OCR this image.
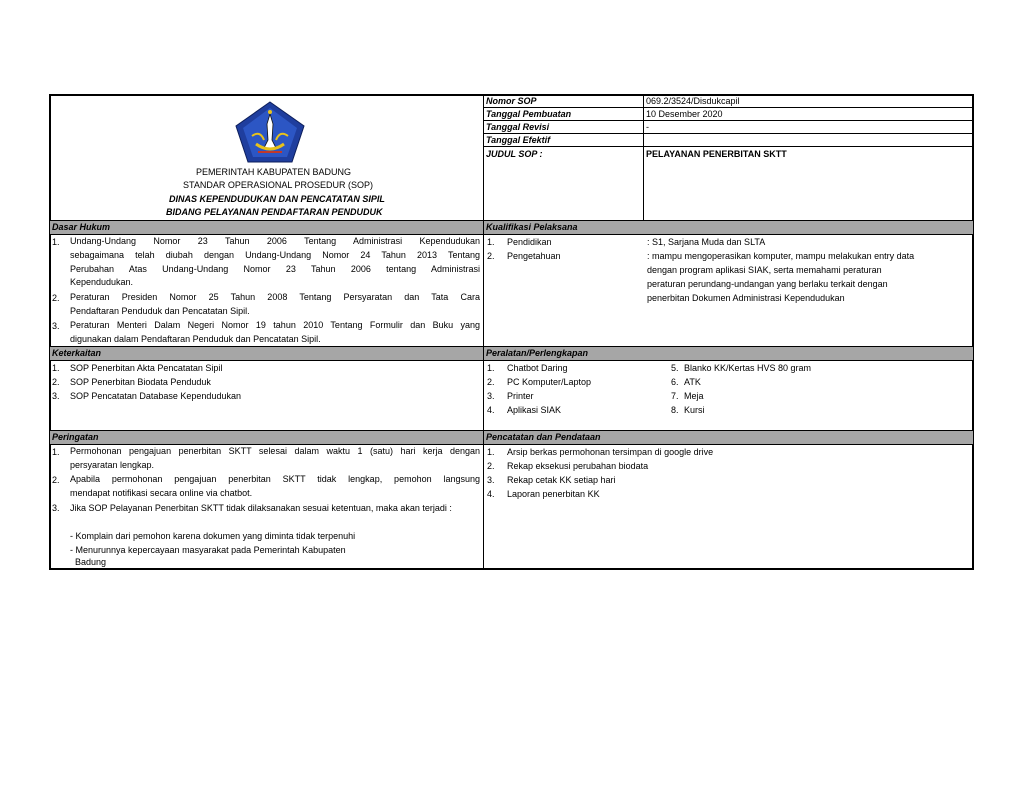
PEMERINTAH KABUPATEN BADUNG
STANDAR OPERASIONAL PROSEDUR (SOP)
DINAS KEPENDUDUKAN DAN PENCATATAN SIPIL
BIDANG PELAYANAN PENDAFTARAN PENDUDUK
Nomor SOP	069.2/3524/Disdukcapil
Tanggal Pembuatan	10 Desember 2020
Tanggal Revisi	-
Tanggal Efektif
JUDUL SOP :	PELAYANAN PENERBITAN SKTT
Dasar Hukum	Kualifikasi Pelaksana
1. Undang-Undang Nomor 23 Tahun 2006 Tentang Administrasi Kependudukan
sebagaimana telah diubah dengan Undang-Undang Nomor 24 Tahun 2013 Tentang
Perubahan Atas Undang-Undang Nomor 23 Tahun 2006 tentang Administrasi
Kependudukan.
2. Peraturan Presiden Nomor 25 Tahun 2008 Tentang Persyaratan dan Tata Cara
Pendaftaran Penduduk dan Pencatatan Sipil.
3. Peraturan Menteri Dalam Negeri Nomor 19 tahun 2010 Tentang Formulir dan Buku yang
digunakan dalam Pendaftaran Penduduk dan Pencatatan Sipil.
1. Pendidikan	: S1, Sarjana Muda dan SLTA
2. Pengetahuan	: mampu mengoperasikan komputer, mampu melakukan entry data
dengan program aplikasi SIAK, serta memahami peraturan
peraturan perundang-undangan yang berlaku terkait dengan
penerbitan Dokumen Administrasi Kependudukan
Keterkaitan	Peralatan/Perlengkapan
1. SOP Penerbitan Akta Pencatatan Sipil
2. SOP Penerbitan Biodata Penduduk
3. SOP Pencatatan Database Kependudukan
1. Chatbot Daring
2. PC Komputer/Laptop
3. Printer
4. Aplikasi SIAK
5. Blanko KK/Kertas HVS 80 gram
6. ATK
7. Meja
8. Kursi
Peringatan	Pencatatan dan Pendataan
1. Permohonan pengajuan penerbitan SKTT selesai dalam waktu 1 (satu) hari kerja dengan
persyaratan lengkap.
2. Apabila permohonan pengajuan penerbitan SKTT tidak lengkap, pemohon langsung
mendapat notifikasi secara online via chatbot.
3. Jika SOP Pelayanan Penerbitan SKTT tidak dilaksanakan sesuai ketentuan, maka akan terjadi :
- Komplain dari pemohon karena dokumen yang diminta tidak terpenuhi
- Menurunnya kepercayaan masyarakat pada Pemerintah Kabupaten
Badung
1. Arsip berkas permohonan tersimpan di google drive
2. Rekap eksekusi perubahan biodata
3. Rekap cetak KK setiap hari
4. Laporan penerbitan KK
